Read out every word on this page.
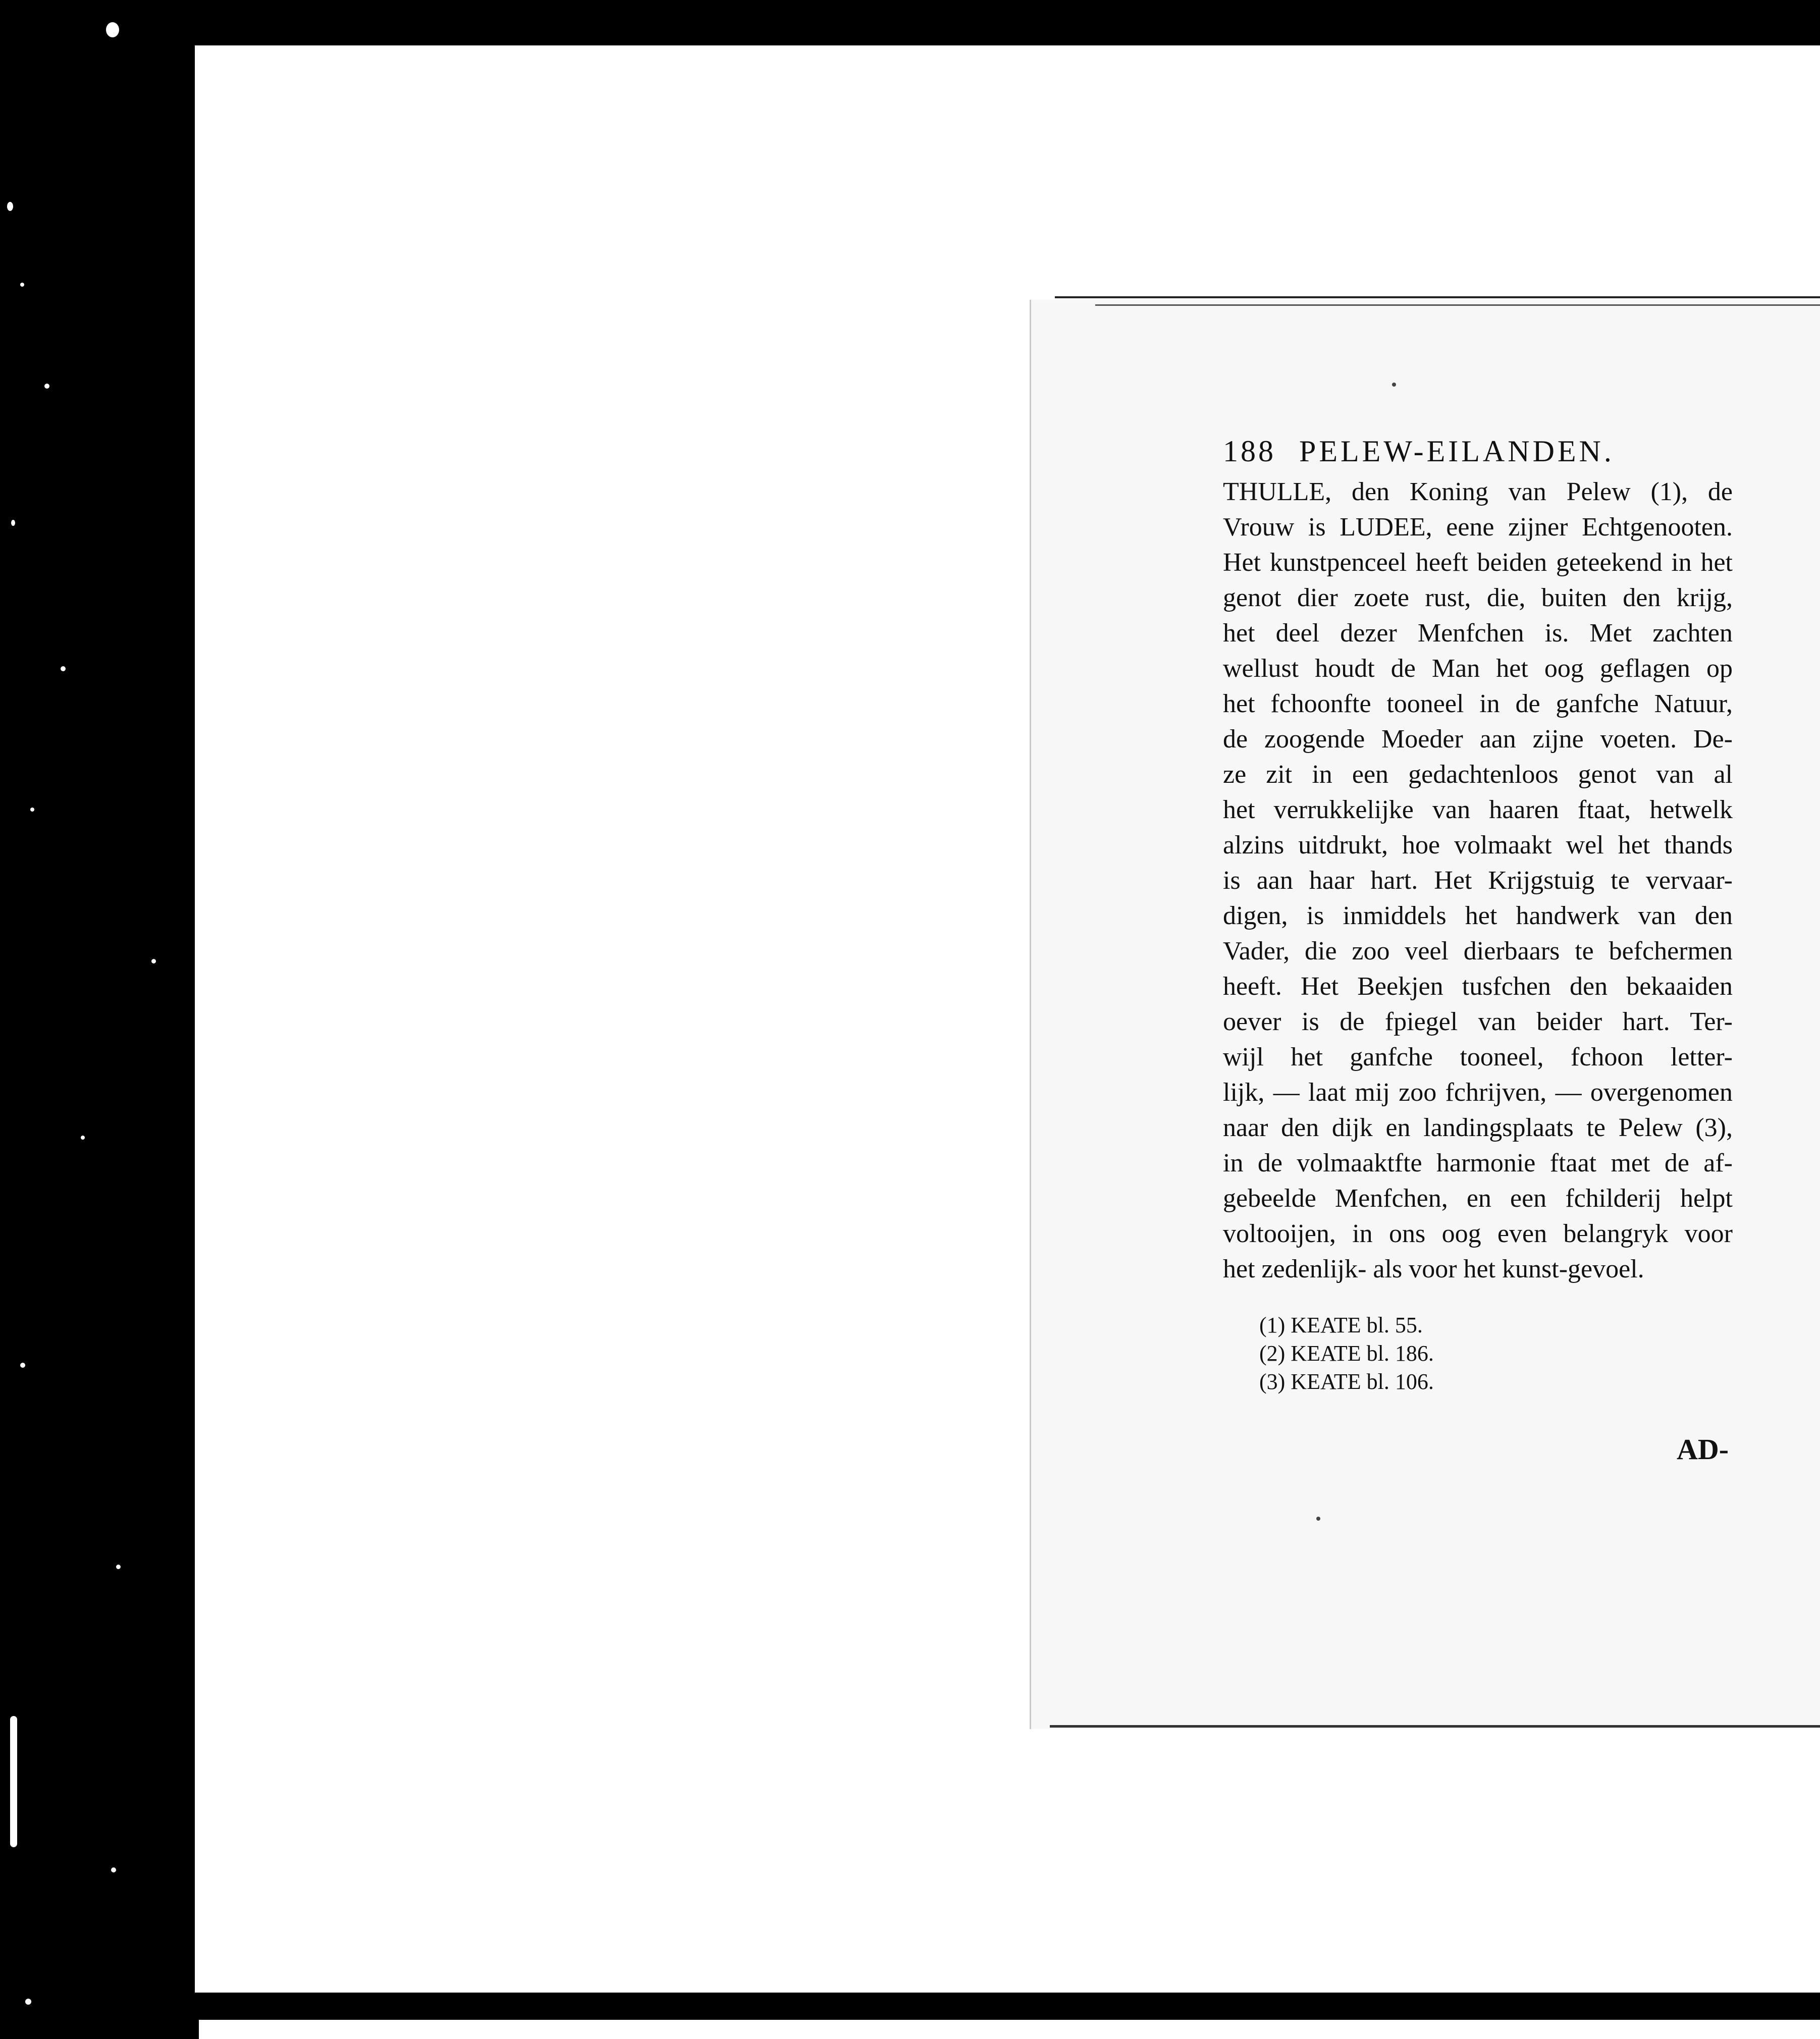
188 PELEW-EILANDEN.
THULLE, den Koning van Pelew (1), de
Vrouw is LUDEE, eene zijner Echtgenooten.
Het kunstpenceel heeft beiden geteekend in het
genot dier zoete rust, die, buiten den krijg,
het deel dezer Menfchen is. Met zachten
wellust houdt de Man het oog geflagen op
het fchoonfte tooneel in de ganfche Natuur,
de zoogende Moeder aan zijne voeten. De-
ze zit in een gedachtenloos genot van al
het verrukkelijke van haaren ftaat, hetwelk
alzins uitdrukt, hoe volmaakt wel het thands
is aan haar hart. Het Krijgstuig te vervaar-
digen, is inmiddels het handwerk van den
Vader, die zoo veel dierbaars te befchermen
heeft. Het Beekjen tusfchen den bekaaiden
oever is de fpiegel van beider hart. Ter-
wijl het ganfche tooneel, fchoon letter-
lijk, — laat mij zoo fchrijven, — overgenomen
naar den dijk en landingsplaats te Pelew (3),
in de volmaaktfte harmonie ftaat met de af-
gebeelde Menfchen, en een fchilderij helpt
voltooijen, in ons oog even belangryk voor
het zedenlijk- als voor het kunst-gevoel.
(1) KEATE bl. 55.
(2) KEATE bl. 186.
(3) KEATE bl. 106.
AD-
